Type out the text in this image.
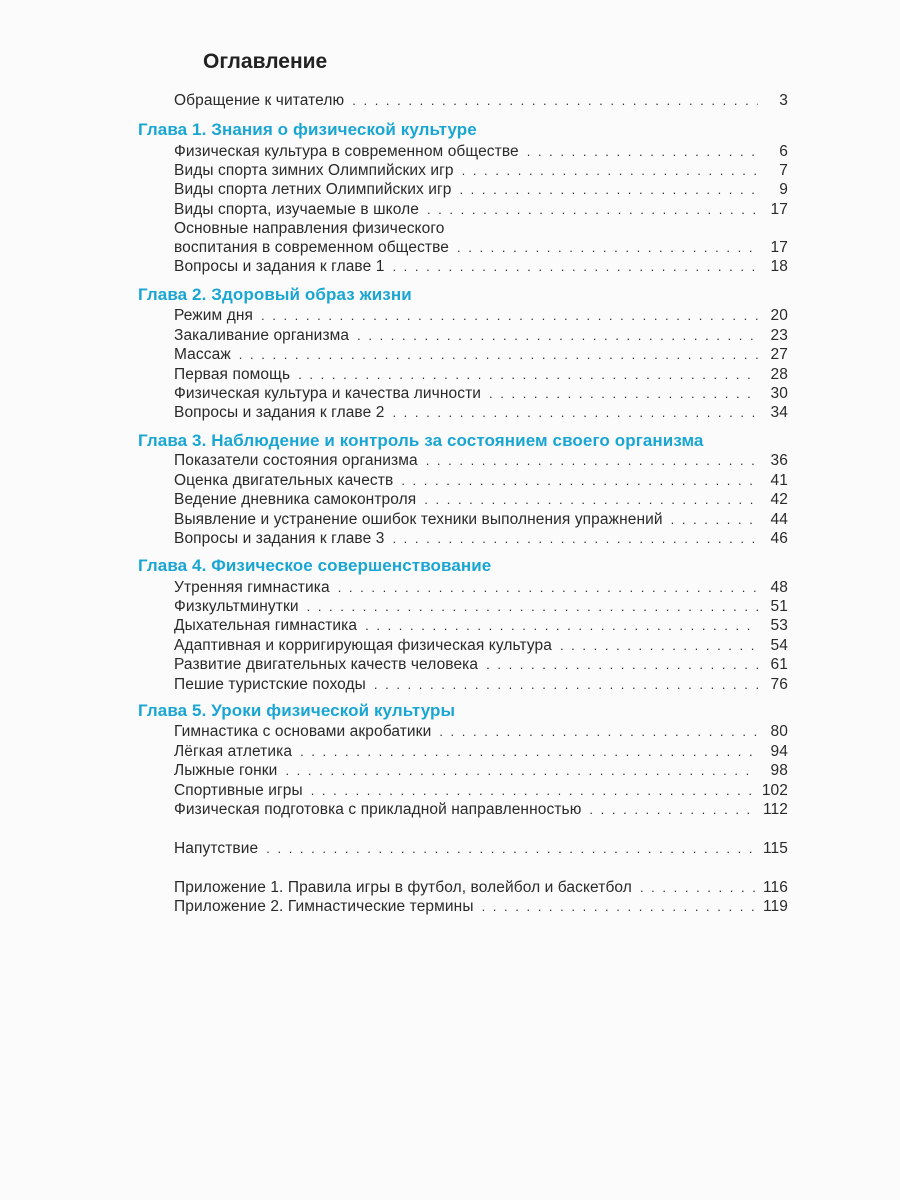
Оглавление
Обращение к читателю . . .	3
Глава 1. Знания о физической культуре
Физическая культура в современном обществе . . .	6
Виды спорта зимних Олимпийских игр . . .	7
Виды спорта летних Олимпийских игр . . .	9
Виды спорта, изучаемые в школе . . .	17
Основные направления физического
воспитания в современном обществе . . .	17
Вопросы и задания к главе 1 . . .	18
Глава 2. Здоровый образ жизни
Режим дня . . .	20
Закаливание организма . . .	23
Массаж . . .	27
Первая помощь . . .	28
Физическая культура и качества личности . . .	30
Вопросы и задания к главе 2 . . .	34
Глава 3. Наблюдение и контроль за состоянием своего организма
Показатели состояния организма . . .	36
Оценка двигательных качеств . . .	41
Ведение дневника самоконтроля . . .	42
Выявление и устранение ошибок техники выполнения упражнений . . .	44
Вопросы и задания к главе 3 . . .	46
Глава 4. Физическое совершенствование
Утренняя гимнастика . . .	48
Физкультминутки . . .	51
Дыхательная гимнастика . . .	53
Адаптивная и корригирующая физическая культура . . .	54
Развитие двигательных качеств человека . . .	61
Пешие туристские походы . . .	76
Глава 5. Уроки физической культуры
Гимнастика с основами акробатики . . .	80
Лёгкая атлетика . . .	94
Лыжные гонки . . .	98
Спортивные игры . . .	102
Физическая подготовка с прикладной направленностью . . .	112
Напутствие . . .	115
Приложение 1. Правила игры в футбол, волейбол и баскетбол . . .	116
Приложение 2. Гимнастические термины . . .	119
